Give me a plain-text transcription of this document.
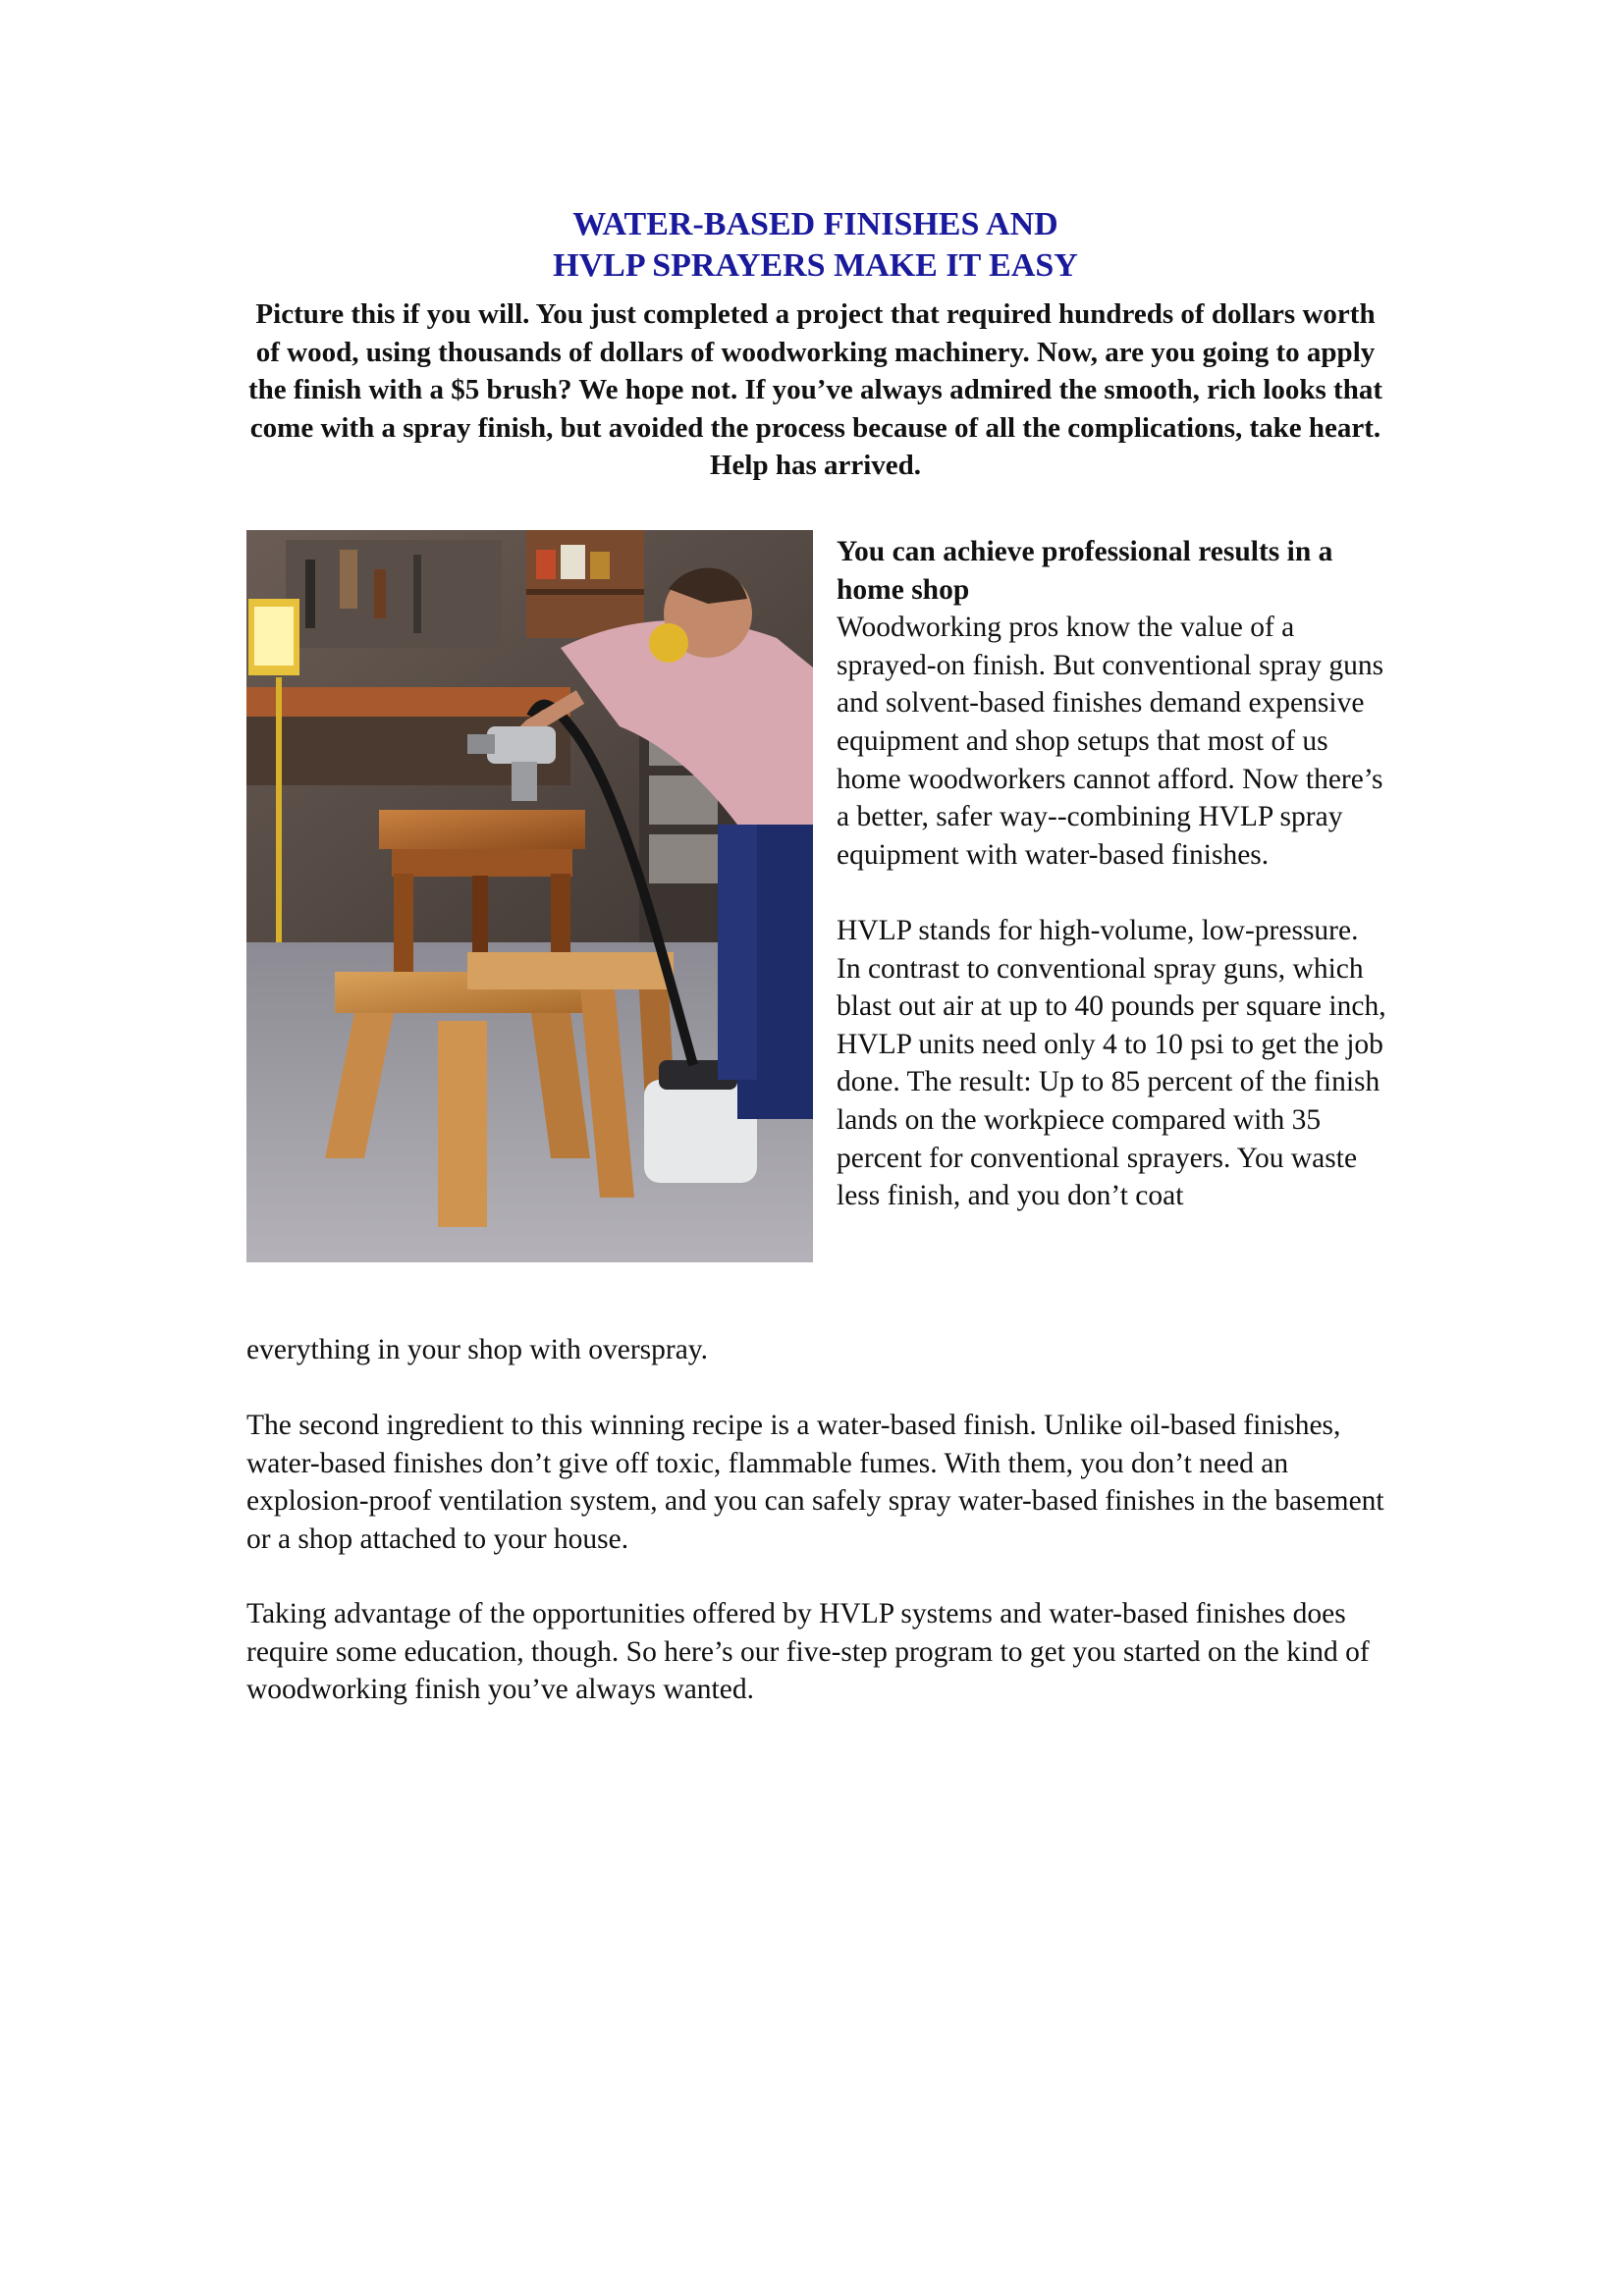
WATER-BASED FINISHES AND
HVLP SPRAYERS MAKE IT EASY
Picture this if you will. You just completed a project that required hundreds of dollars worth of wood, using thousands of dollars of woodworking machinery. Now, are you going to apply the finish with a $5 brush? We hope not. If you’ve always admired the smooth, rich looks that come with a spray finish, but avoided the process because of all the complications, take heart. Help has arrived.

You can achieve professional results in a home shop

Woodworking pros know the value of a sprayed-on finish. But conventional spray guns and solvent-based finishes demand expensive equipment and shop setups that most of us home woodworkers cannot afford. Now there’s a better, safer way--combining HVLP spray equipment with water-based finishes.

HVLP stands for high-volume, low-pressure. In contrast to conventional spray guns, which blast out air at up to 40 pounds per square inch, HVLP units need only 4 to 10 psi to get the job done. The result: Up to 85 percent of the finish lands on the workpiece compared with 35 percent for conventional sprayers. You waste less finish, and you don’t coat

everything in your shop with overspray.

The second ingredient to this winning recipe is a water-based finish. Unlike oil-based finishes, water-based finishes don’t give off toxic, flammable fumes. With them, you don’t need an explosion-proof ventilation system, and you can safely spray water-based finishes in the basement or a shop attached to your house.

Taking advantage of the opportunities offered by HVLP systems and water-based finishes does require some education, though. So here’s our five-step program to get you started on the kind of woodworking finish you’ve always wanted.
